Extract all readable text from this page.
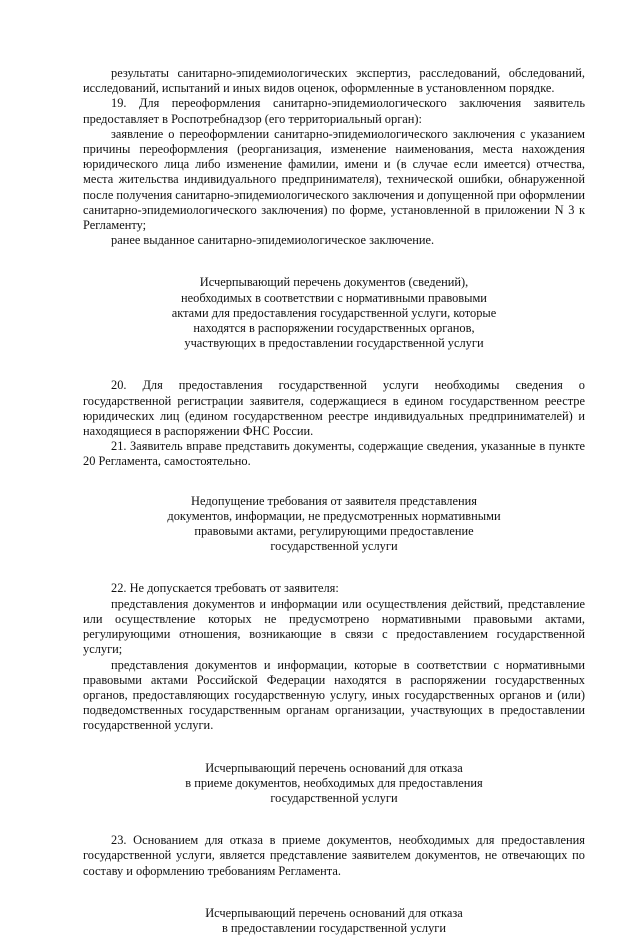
результаты санитарно-эпидемиологических экспертиз, расследований, обследований, исследований, испытаний и иных видов оценок, оформленные в установленном порядке.

19. Для переоформления санитарно-эпидемиологического заключения заявитель предоставляет в Роспотребнадзор (его территориальный орган):

заявление о переоформлении санитарно-эпидемиологического заключения с указанием причины переоформления (реорганизация, изменение наименования, места нахождения юридического лица либо изменение фамилии, имени и (в случае если имеется) отчества, места жительства индивидуального предпринимателя), технической ошибки, обнаруженной после получения санитарно-эпидемиологического заключения и допущенной при оформлении санитарно-эпидемиологического заключения) по форме, установленной в приложении N 3 к Регламенту;

ранее выданное санитарно-эпидемиологическое заключение.

Исчерпывающий перечень документов (сведений),
необходимых в соответствии с нормативными правовыми
актами для предоставления государственной услуги, которые
находятся в распоряжении государственных органов,
участвующих в предоставлении государственной услуги

20. Для предоставления государственной услуги необходимы сведения о государственной регистрации заявителя, содержащиеся в едином государственном реестре юридических лиц (едином государственном реестре индивидуальных предпринимателей) и находящиеся в распоряжении ФНС России.

21. Заявитель вправе представить документы, содержащие сведения, указанные в пункте 20 Регламента, самостоятельно.

Недопущение требования от заявителя представления
документов, информации, не предусмотренных нормативными
правовыми актами, регулирующими предоставление
государственной услуги

22. Не допускается требовать от заявителя:

представления документов и информации или осуществления действий, представление или осуществление которых не предусмотрено нормативными правовыми актами, регулирующими отношения, возникающие в связи с предоставлением государственной услуги;

представления документов и информации, которые в соответствии с нормативными правовыми актами Российской Федерации находятся в распоряжении государственных органов, предоставляющих государственную услугу, иных государственных органов и (или) подведомственных государственным органам организации, участвующих в предоставлении государственной услуги.

Исчерпывающий перечень оснований для отказа
в приеме документов, необходимых для предоставления
государственной услуги

23. Основанием для отказа в приеме документов, необходимых для предоставления государственной услуги, является представление заявителем документов, не отвечающих по составу и оформлению требованиям Регламента.

Исчерпывающий перечень оснований для отказа
в предоставлении государственной услуги
